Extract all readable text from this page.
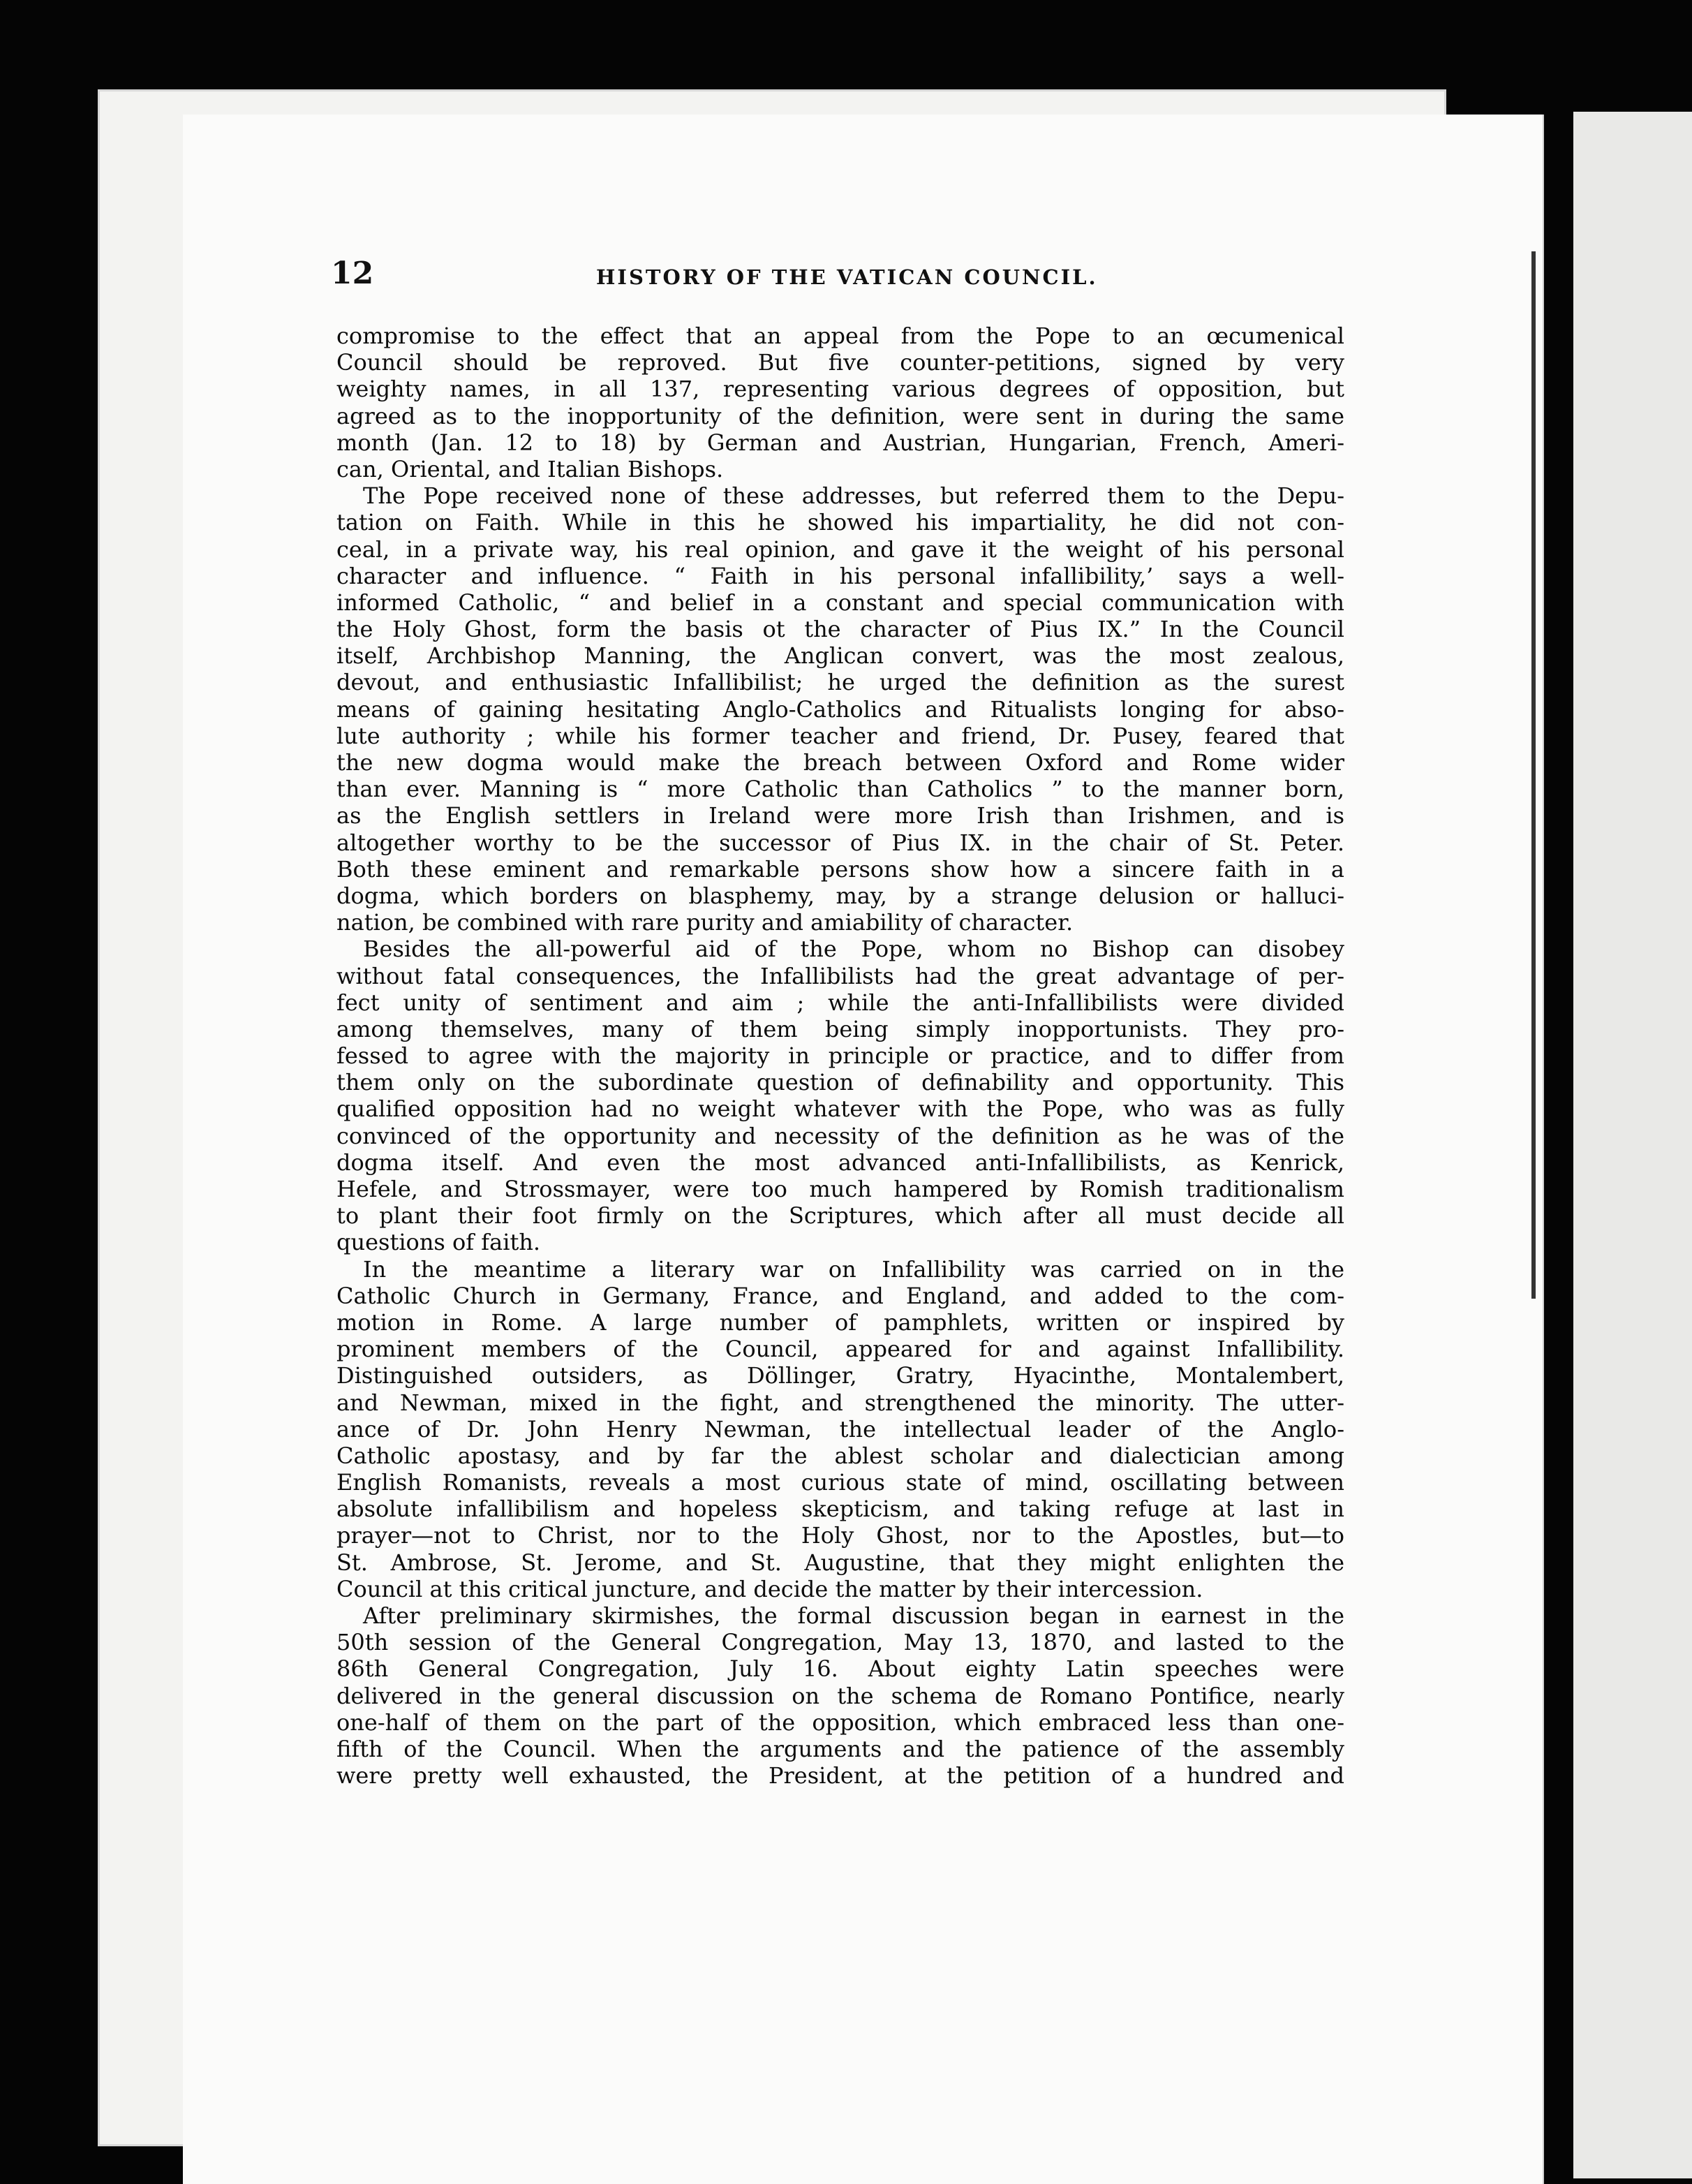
12	HISTORY OF THE VATICAN COUNCIL.
compromise to the effect that an appeal from the Pope to an œcumenical
Council should be reproved. But five counter-petitions, signed by very
weighty names, in all 137, representing various degrees of opposition, but
agreed as to the inopportunity of the definition, were sent in during the same
month (Jan. 12 to 18) by German and Austrian, Hungarian, French, Ameri-
can, Oriental, and Italian Bishops.
The Pope received none of these addresses, but referred them to the Depu-
tation on Faith. While in this he showed his impartiality, he did not con-
ceal, in a private way, his real opinion, and gave it the weight of his personal
character and influence. “ Faith in his personal infallibility,’ says a well-
informed Catholic, “ and belief in a constant and special communication with
the Holy Ghost, form the basis ot the character of Pius IX.” In the Council
itself, Archbishop Manning, the Anglican convert, was the most zealous,
devout, and enthusiastic Infallibilist; he urged the definition as the surest
means of gaining hesitating Anglo-Catholics and Ritualists longing for abso-
lute authority ; while his former teacher and friend, Dr. Pusey, feared that
the new dogma would make the breach between Oxford and Rome wider
than ever. Manning is “ more Catholic than Catholics ” to the manner born,
as the English settlers in Ireland were more Irish than Irishmen, and is
altogether worthy to be the successor of Pius IX. in the chair of St. Peter.
Both these eminent and remarkable persons show how a sincere faith in a
dogma, which borders on blasphemy, may, by a strange delusion or halluci-
nation, be combined with rare purity and amiability of character.
Besides the all-powerful aid of the Pope, whom no Bishop can disobey
without fatal consequences, the Infallibilists had the great advantage of per-
fect unity of sentiment and aim ; while the anti-Infallibilists were divided
among themselves, many of them being simply inopportunists. They pro-
fessed to agree with the majority in principle or practice, and to differ from
them only on the subordinate question of definability and opportunity. This
qualified opposition had no weight whatever with the Pope, who was as fully
convinced of the opportunity and necessity of the definition as he was of the
dogma itself. And even the most advanced anti-Infallibilists, as Kenrick,
Hefele, and Strossmayer, were too much hampered by Romish traditionalism
to plant their foot firmly on the Scriptures, which after all must decide all
questions of faith.
In the meantime a literary war on Infallibility was carried on in the
Catholic Church in Germany, France, and England, and added to the com-
motion in Rome. A large number of pamphlets, written or inspired by
prominent members of the Council, appeared for and against Infallibility.
Distinguished outsiders, as Döllinger, Gratry, Hyacinthe, Montalembert,
and Newman, mixed in the fight, and strengthened the minority. The utter-
ance of Dr. John Henry Newman, the intellectual leader of the Anglo-
Catholic apostasy, and by far the ablest scholar and dialectician among
English Romanists, reveals a most curious state of mind, oscillating between
absolute infallibilism and hopeless skepticism, and taking refuge at last in
prayer—not to Christ, nor to the Holy Ghost, nor to the Apostles, but—to
St. Ambrose, St. Jerome, and St. Augustine, that they might enlighten the
Council at this critical juncture, and decide the matter by their intercession.
After preliminary skirmishes, the formal discussion began in earnest in the
50th session of the General Congregation, May 13, 1870, and lasted to the
86th General Congregation, July 16. About eighty Latin speeches were
delivered in the general discussion on the schema de Romano Pontifice, nearly
one-half of them on the part of the opposition, which embraced less than one-
fifth of the Council. When the arguments and the patience of the assembly
were pretty well exhausted, the President, at the petition of a hundred and
